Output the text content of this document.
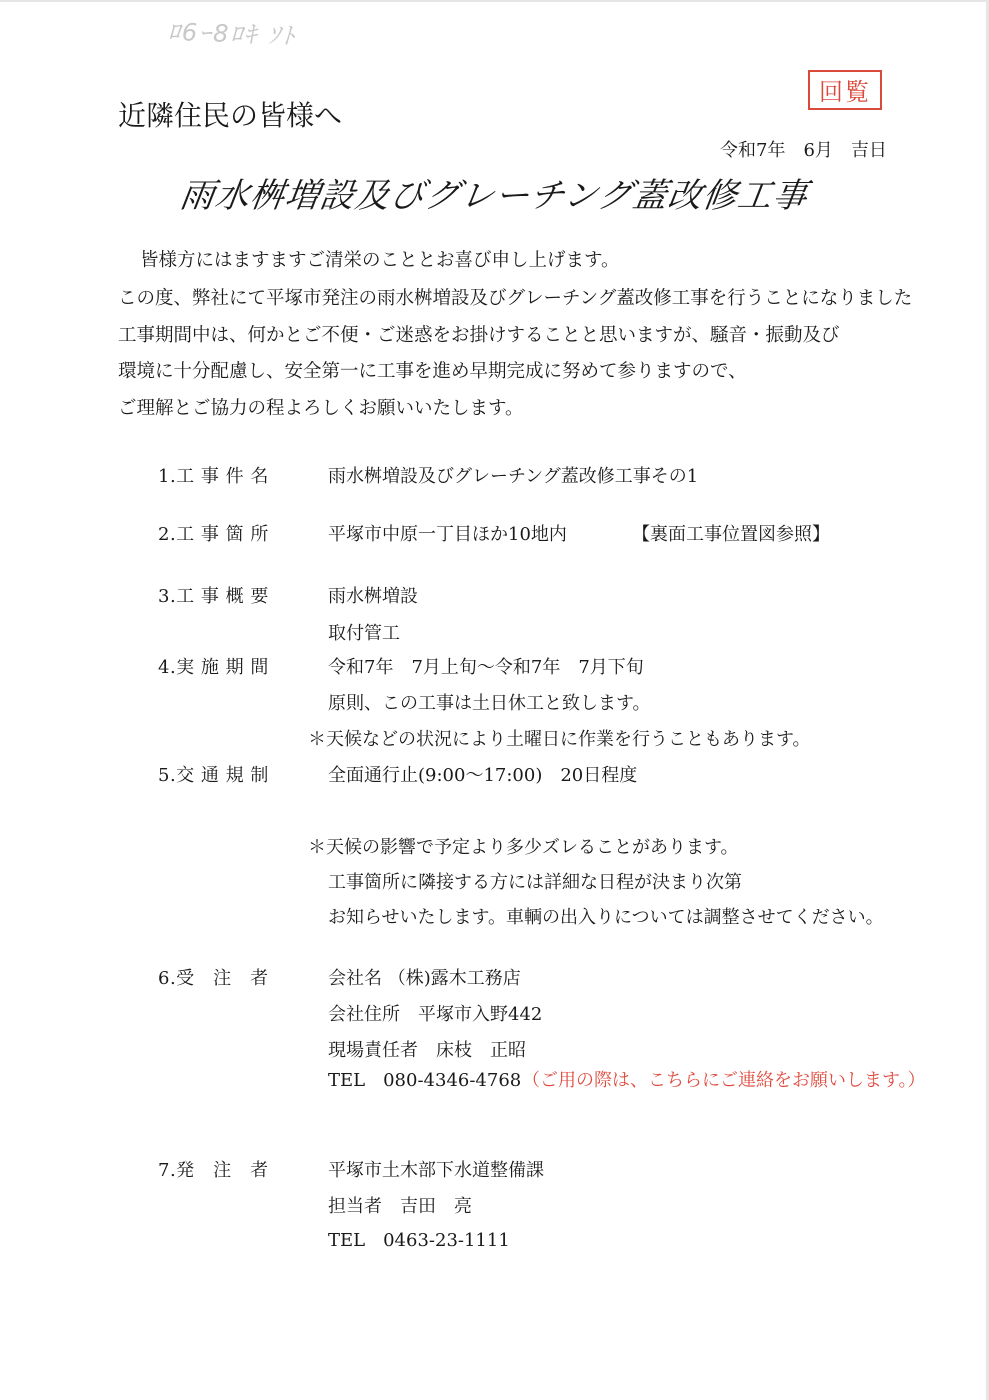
ﾛ6ｰ8ﾛｷ ｿﾄ
回覧
近隣住民の皆様へ
令和7年　6月　吉日
雨水桝増設及びグレーチング蓋改修工事
皆様方にはますますご清栄のこととお喜び申し上げます。
この度、弊社にて平塚市発注の雨水桝増設及びグレーチング蓋改修工事を行うことになりました
工事期間中は、何かとご不便・ご迷惑をお掛けすることと思いますが、騒音・振動及び
環境に十分配慮し、安全第一に工事を進め早期完成に努めて参りますので、
ご理解とご協力の程よろしくお願いいたします。
1.工 事 件 名	雨水桝増設及びグレーチング蓋改修工事その1
2.工 事 箇 所	平塚市中原一丁目ほか10地内	【裏面工事位置図参照】
3.工 事 概 要	雨水桝増設
取付管工
4.実 施 期 間	令和7年　7月上旬～令和7年　7月下旬
原則、この工事は土日休工と致します。
＊天候などの状況により土曜日に作業を行うこともあります。
5.交 通 規 制	全面通行止(9:00～17:00)　20日程度
＊天候の影響で予定より多少ズレることがあります。
工事箇所に隣接する方には詳細な日程が決まり次第
お知らせいたします。車輌の出入りについては調整させてください。
6.受　注　者	会社名 （株)露木工務店
会社住所　平塚市入野442
現場責任者　床枝　正昭
TEL　080-4346-4768 （ご用の際は、こちらにご連絡をお願いします。）
7.発　注　者	平塚市土木部下水道整備課
担当者　吉田　亮
TEL　0463-23-1111
